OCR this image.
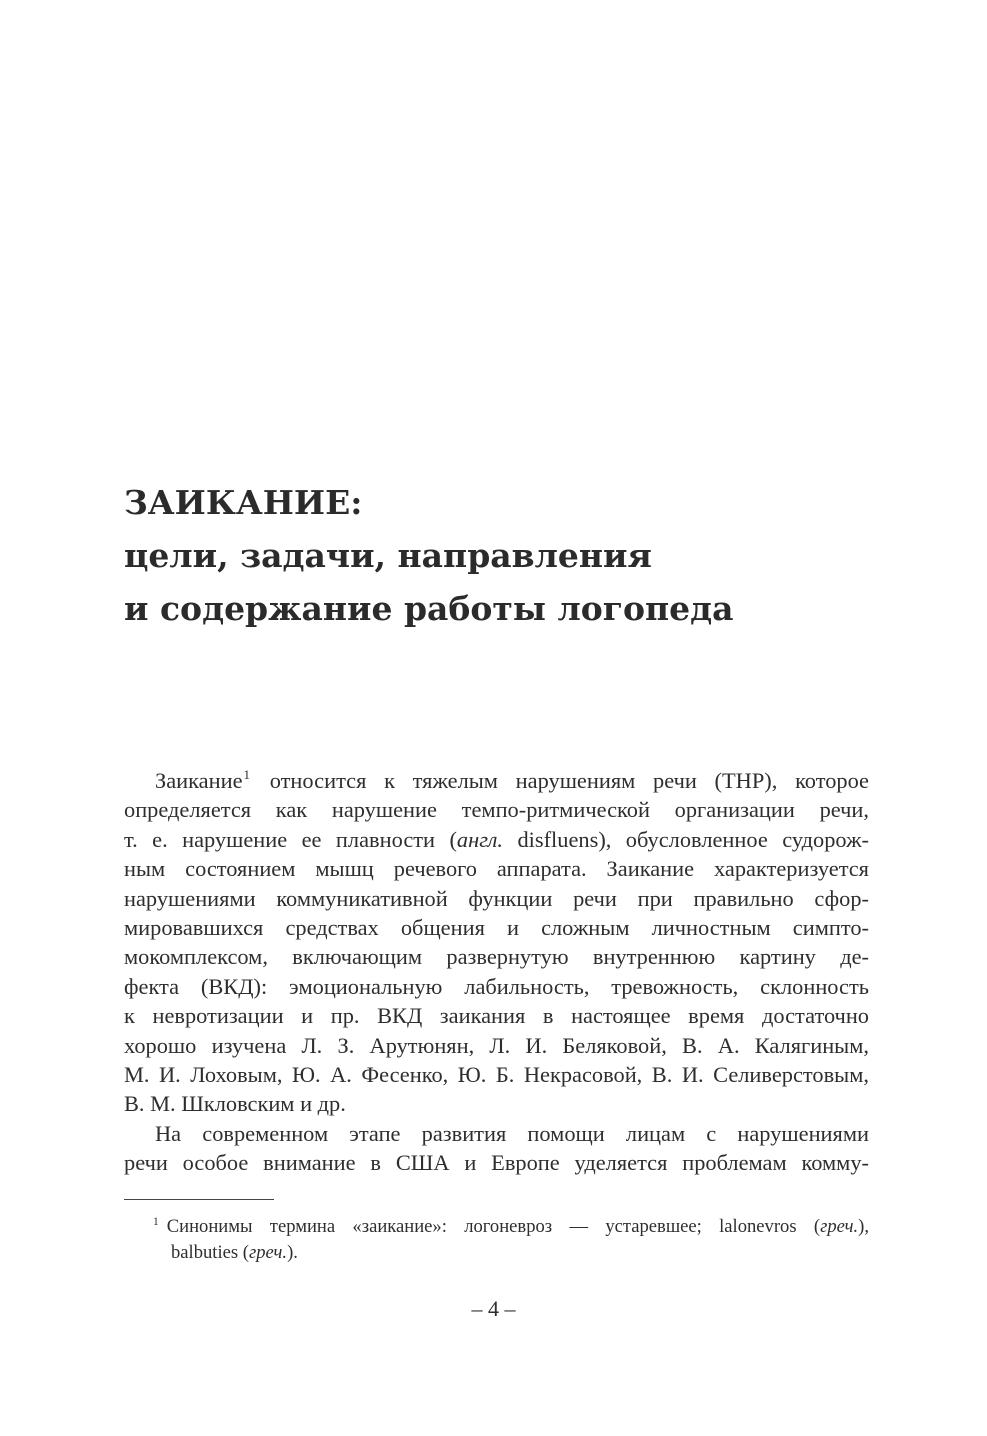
ЗАИКАНИЕ:
цели, задачи, направления
и содержание работы логопеда
Заикание$^1$ относится к тяжелым нарушениям речи (ТНР), которое
определяется как нарушение темпо-ритмической организации речи,
т. е. нарушение ее плавности (англ. disfluens), обусловленное судорож-
ным состоянием мышц речевого аппарата. Заикание характеризуется
нарушениями коммуникативной функции речи при правильно сфор-
мировавшихся средствах общения и сложным личностным симпто-
мокомплексом, включающим развернутую внутреннюю картину де-
фекта (ВКД): эмоциональную лабильность, тревожность, склонность
к невротизации и пр. ВКД заикания в настоящее время достаточно
хорошо изучена Л. З. Арутюнян, Л. И. Беляковой, В. А. Калягиным,
М. И. Лоховым, Ю. А. Фесенко, Ю. Б. Некрасовой, В. И. Селиверстовым,
В. М. Шкловским и др.
На современном этапе развития помощи лицам с нарушениями
речи особое внимание в США и Европе уделяется проблемам комму-
$^1$ Синонимы термина «заикание»: логоневроз — устаревшее; lalonevros (греч.),
balbuties (греч.).
– 4 –
